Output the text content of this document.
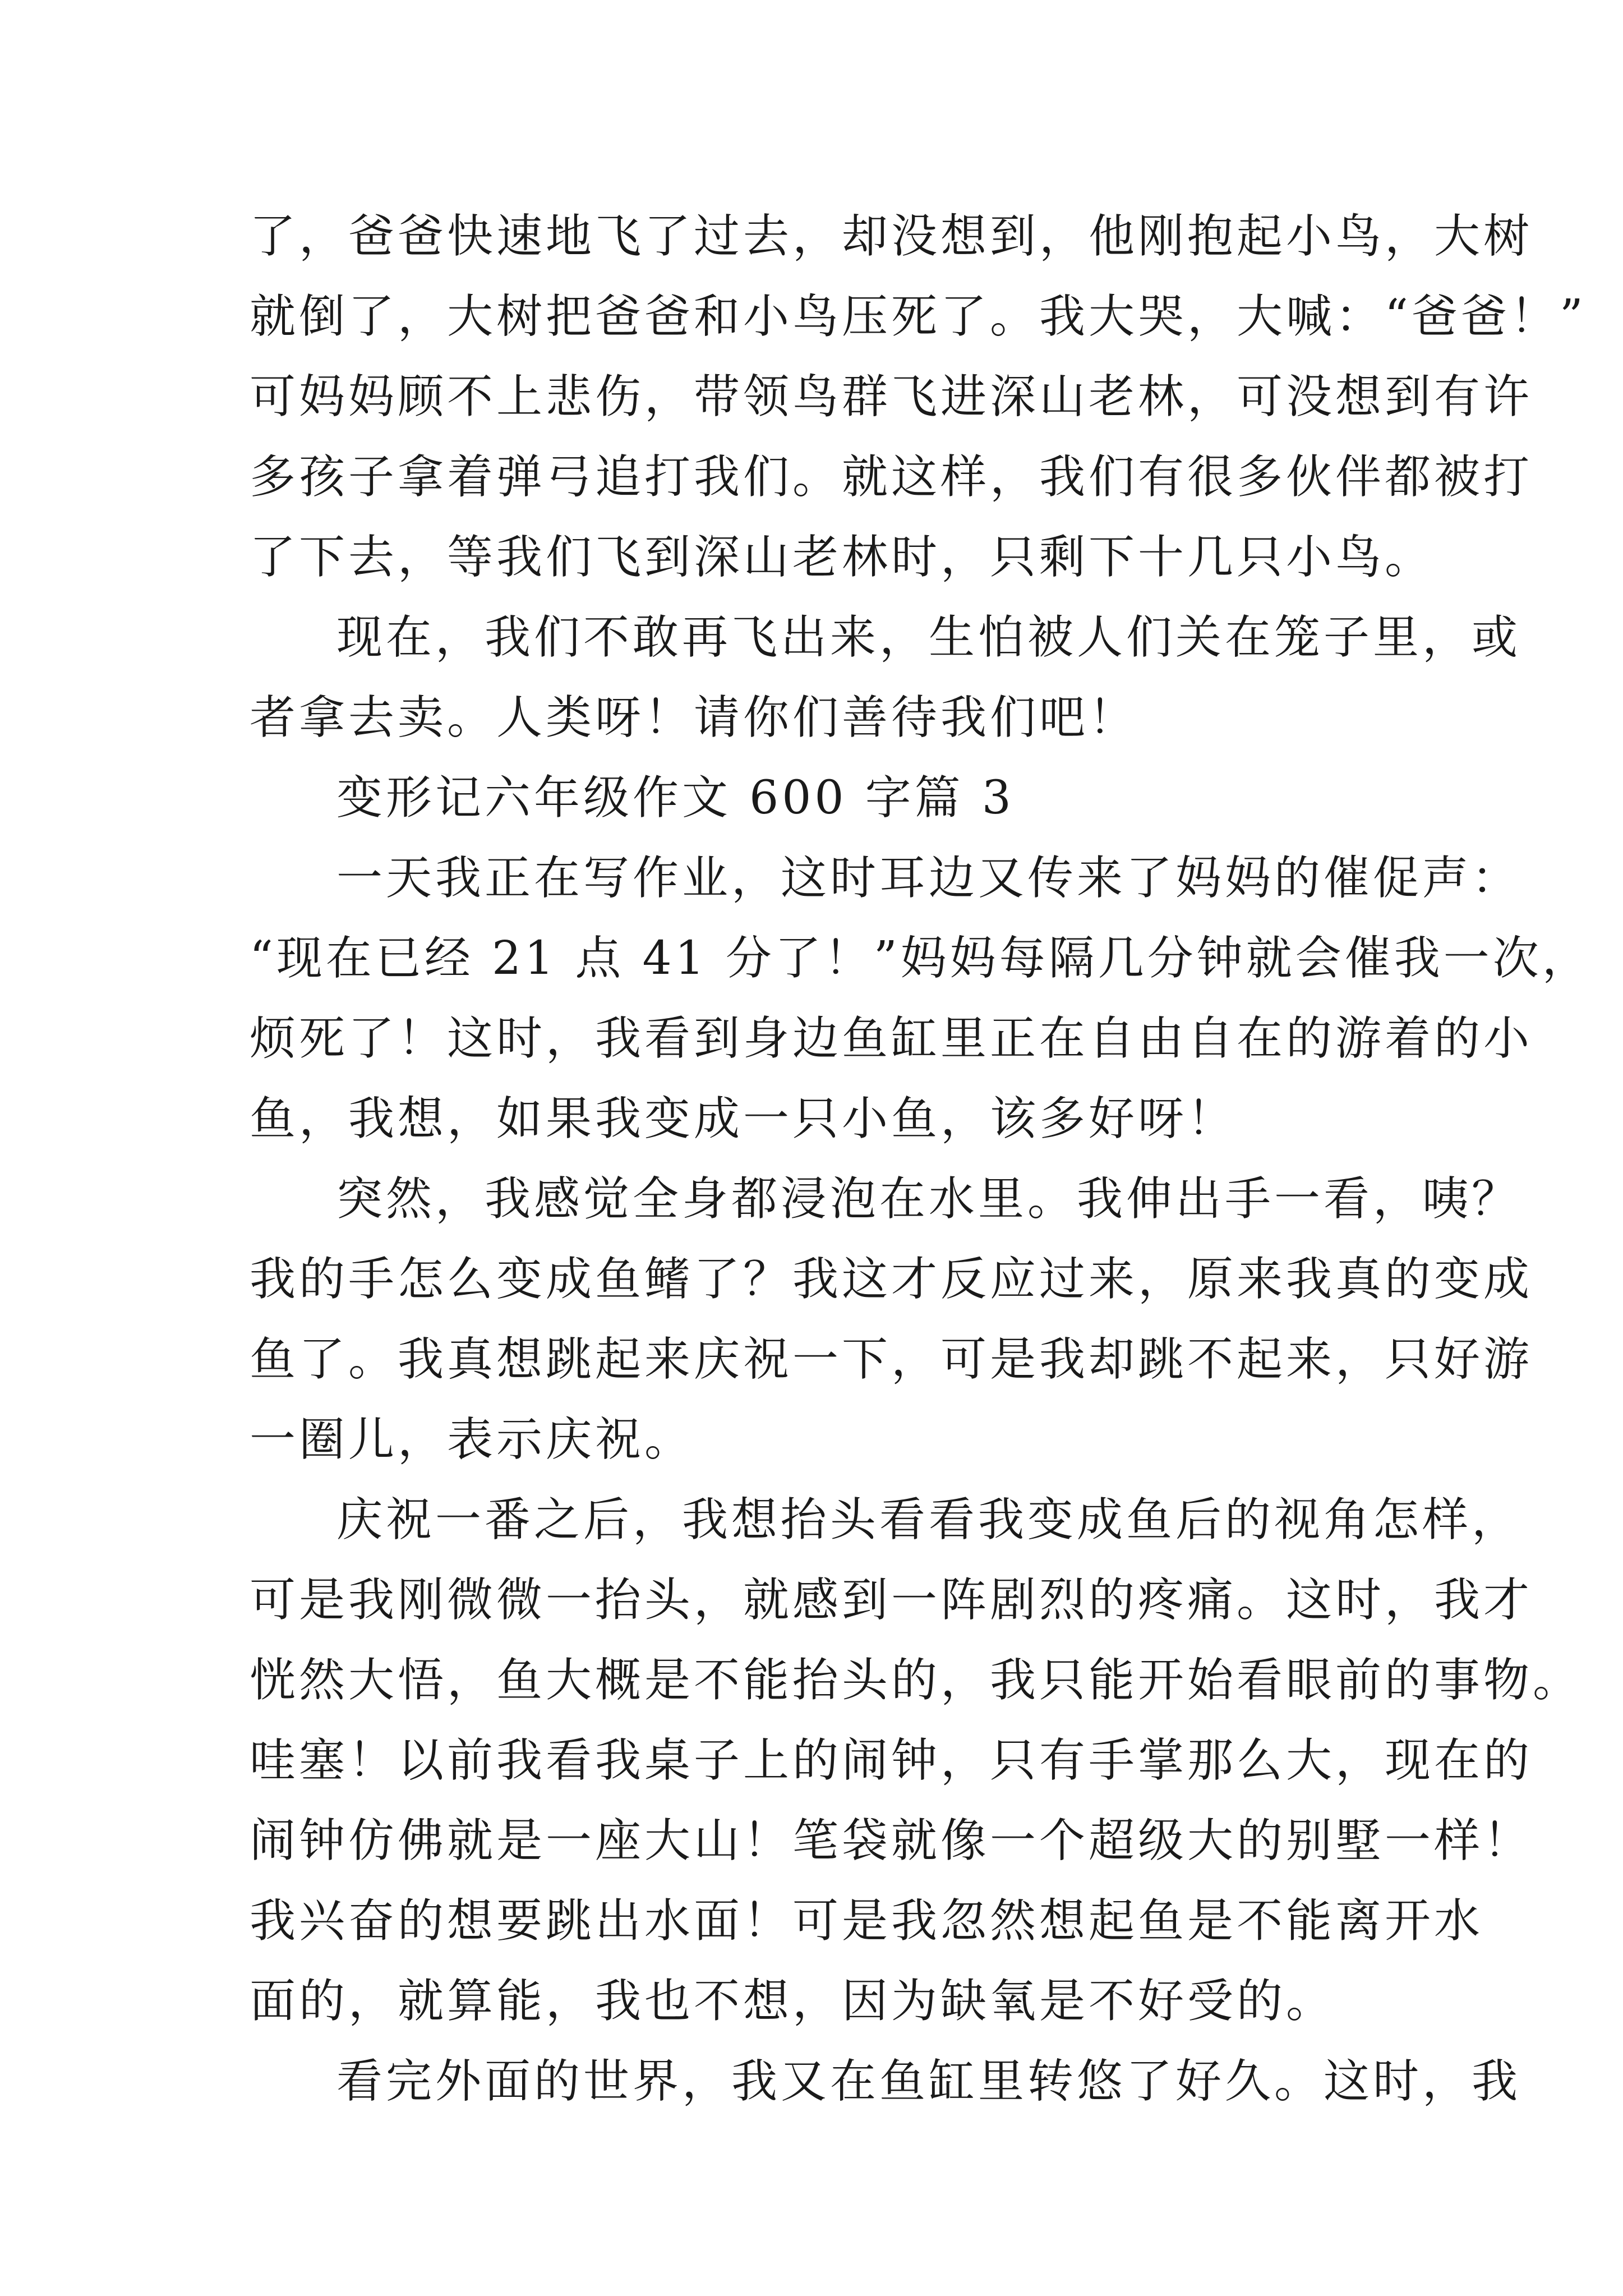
了，爸爸快速地飞了过去，却没想到，他刚抱起小鸟，大树
就倒了，大树把爸爸和小鸟压死了。我大哭，大喊：“爸爸！”
可妈妈顾不上悲伤，带领鸟群飞进深山老林，可没想到有许
多孩子拿着弹弓追打我们。就这样，我们有很多伙伴都被打
了下去，等我们飞到深山老林时，只剩下十几只小鸟。
现在，我们不敢再飞出来，生怕被人们关在笼子里，或
者拿去卖。人类呀！请你们善待我们吧！
变形记六年级作文 600 字篇 3
一天我正在写作业，这时耳边又传来了妈妈的催促声：
“现在已经 21 点 41 分了！”妈妈每隔几分钟就会催我一次，
烦死了！这时，我看到身边鱼缸里正在自由自在的游着的小
鱼，我想，如果我变成一只小鱼，该多好呀！
突然，我感觉全身都浸泡在水里。我伸出手一看，咦？
我的手怎么变成鱼鳍了？我这才反应过来，原来我真的变成
鱼了。我真想跳起来庆祝一下，可是我却跳不起来，只好游
一圈儿，表示庆祝。
庆祝一番之后，我想抬头看看我变成鱼后的视角怎样，
可是我刚微微一抬头，就感到一阵剧烈的疼痛。这时，我才
恍然大悟，鱼大概是不能抬头的，我只能开始看眼前的事物。
哇塞！以前我看我桌子上的闹钟，只有手掌那么大，现在的
闹钟仿佛就是一座大山！笔袋就像一个超级大的别墅一样！
我兴奋的想要跳出水面！可是我忽然想起鱼是不能离开水
面的，就算能，我也不想，因为缺氧是不好受的。
看完外面的世界，我又在鱼缸里转悠了好久。这时，我
